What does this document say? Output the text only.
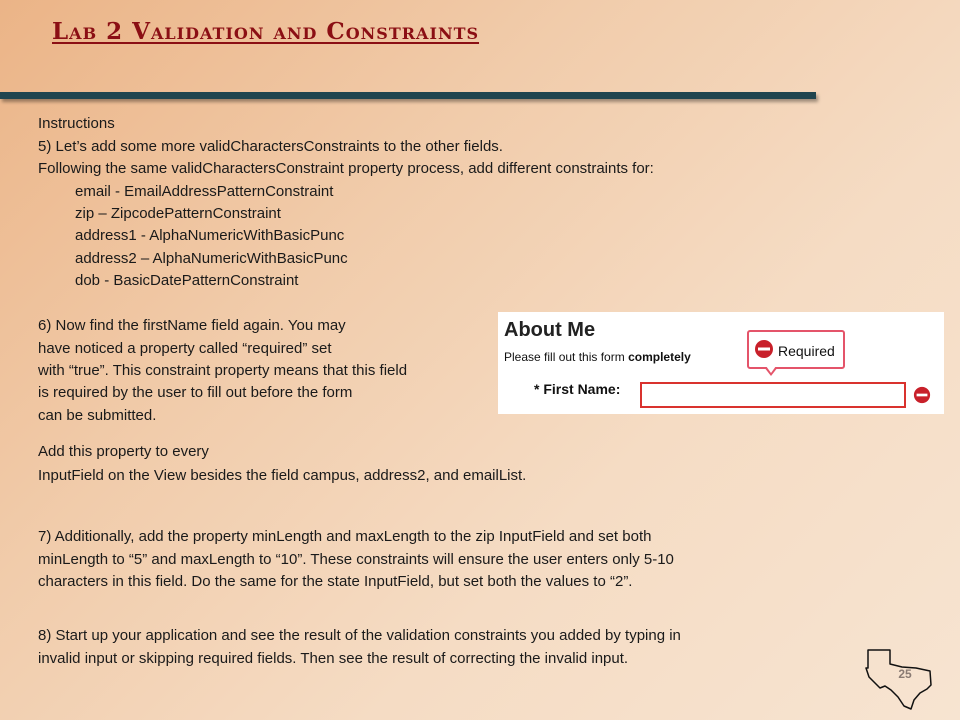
Lab 2 Validation and Constraints

Instructions

5) Let’s add some more validCharactersConstraints to the other fields.

Following the same validCharactersConstraint property process, add different constraints for:

email - EmailAddressPatternConstraint

zip – ZipcodePatternConstraint

address1 - AlphaNumericWithBasicPunc

address2 – AlphaNumericWithBasicPunc

dob - BasicDatePatternConstraint

6) Now find the firstName field again. You may

have noticed a property called “required” set

with “true”. This constraint property means that this field

is required by the user to fill out before the form

can be submitted.

Add this property to every

InputField on the View besides the field campus, address2, and emailList.

7) Additionally, add the property minLength and maxLength to the zip InputField and set both

minLength to “5” and maxLength to “10”. These constraints will ensure the user enters only 5-10

characters in this field. Do the same for the state InputField, but set both the values to “2”.

8) Start up your application and see the result of the validation constraints you added by typing in

invalid input or skipping required fields. Then see the result of correcting the invalid input.

About Me
Please fill out this form completely	Required
* First Name:
25
